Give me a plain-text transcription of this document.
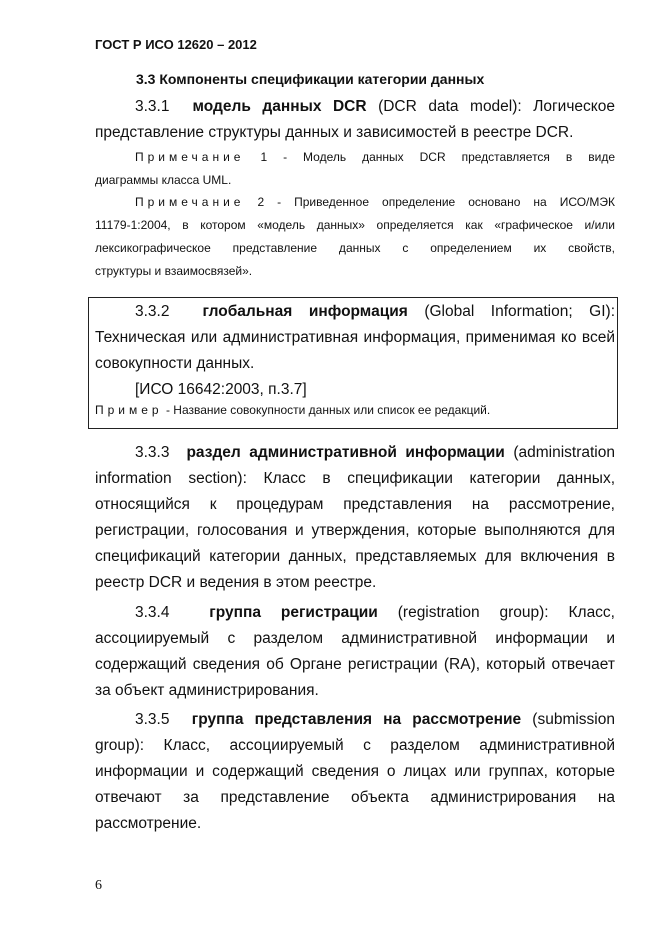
ГОСТ Р ИСО 12620 – 2012
3.3 Компоненты спецификации категории данных
3.3.1 модель данных DCR (DCR data model): Логическое
представление структуры данных и зависимостей в реестре DCR.
Примечание 1 - Модель данных DCR представляется в виде
диаграммы класса UML.
Примечание 2 - Приведенное определение основано на ИСО/МЭК
11179-1:2004, в котором «модель данных» определяется как «графическое и/или
лексикографическое представление данных с определением их свойств,
структуры и взаимосвязей».
3.3.2 глобальная информация (Global Information; GI):
Техническая или административная информация, применимая ко всей
совокупности данных.
[ИСО 16642:2003, п.3.7]
Пример - Название совокупности данных или список ее редакций.
3.3.3 раздел административной информации (administration
information section): Класс в спецификации категории данных,
относящийся к процедурам представления на рассмотрение,
регистрации, голосования и утверждения, которые выполняются для
спецификаций категории данных, представляемых для включения в
реестр DCR и ведения в этом реестре.
3.3.4	группа регистрации (registration group): Класс,
ассоциируемый с разделом административной информации и
содержащий сведения об Органе регистрации (RA), который отвечает
за объект администрирования.
3.3.5 группа представления на рассмотрение (submission
group): Класс, ассоциируемый с разделом административной
информации и содержащий сведения о лицах или группах, которые
отвечают за представление объекта администрирования на
рассмотрение.
6
